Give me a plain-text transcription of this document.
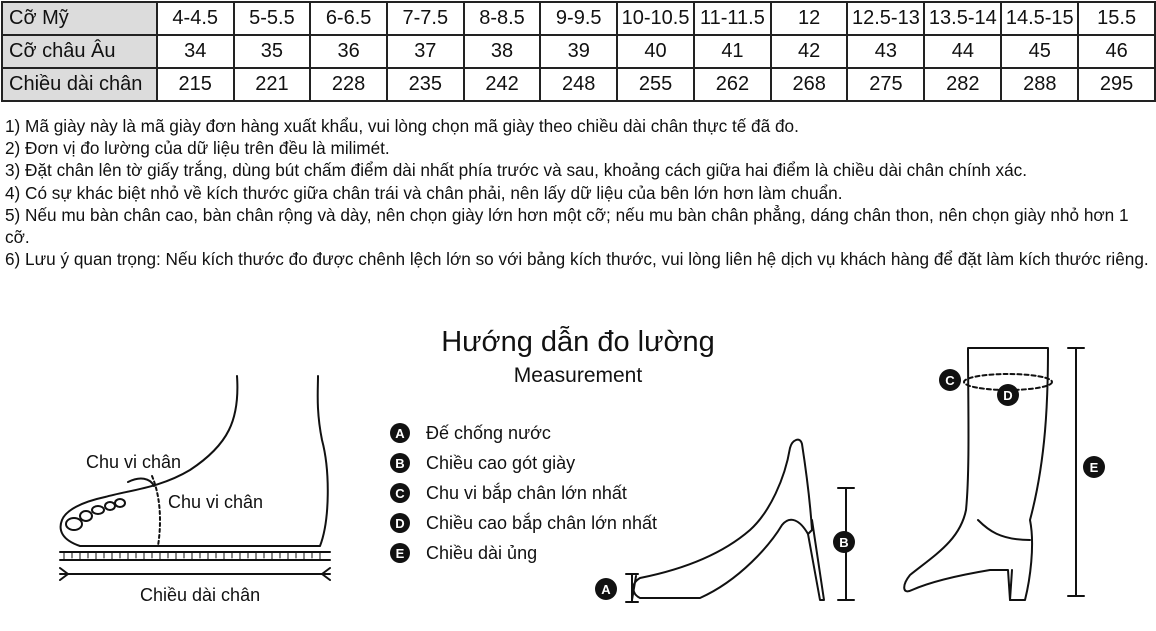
Cỡ Mỹ	4-4.5	5-5.5	6-6.5	7-7.5	8-8.5	9-9.5	10-10.5	11-11.5	12	12.5-13	13.5-14	14.5-15	15.5
Cỡ châu Âu	34	35	36	37	38	39	40	41	42	43	44	45	46
Chiều dài chân	215	221	228	235	242	248	255	262	268	275	282	288	295

1) Mã giày này là mã giày đơn hàng xuất khẩu, vui lòng chọn mã giày theo chiều dài chân thực tế đã đo.

2) Đơn vị đo lường của dữ liệu trên đều là milimét.

3) Đặt chân lên tờ giấy trắng, dùng bút chấm điểm dài nhất phía trước và sau, khoảng cách giữa hai điểm là chiều dài chân chính xác.

4) Có sự khác biệt nhỏ về kích thước giữa chân trái và chân phải, nên lấy dữ liệu của bên lớn hơn làm chuẩn.

5) Nếu mu bàn chân cao, bàn chân rộng và dày, nên chọn giày lớn hơn một cỡ; nếu mu bàn chân phẳng, dáng chân thon, nên chọn giày nhỏ hơn 1 cỡ.

6) Lưu ý quan trọng: Nếu kích thước đo được chênh lệch lớn so với bảng kích thước, vui lòng liên hệ dịch vụ khách hàng để đặt làm kích thước riêng.

Hướng dẫn đo lường
Measurement
A Đế chống nước
B Chiều cao gót giày
C Chu vi bắp chân lớn nhất
D Chiều cao bắp chân lớn nhất
E	Chiều dài ủng
Chu vi chân
Chu vi chân
Chiều dài chân	A
B
C
D
E
